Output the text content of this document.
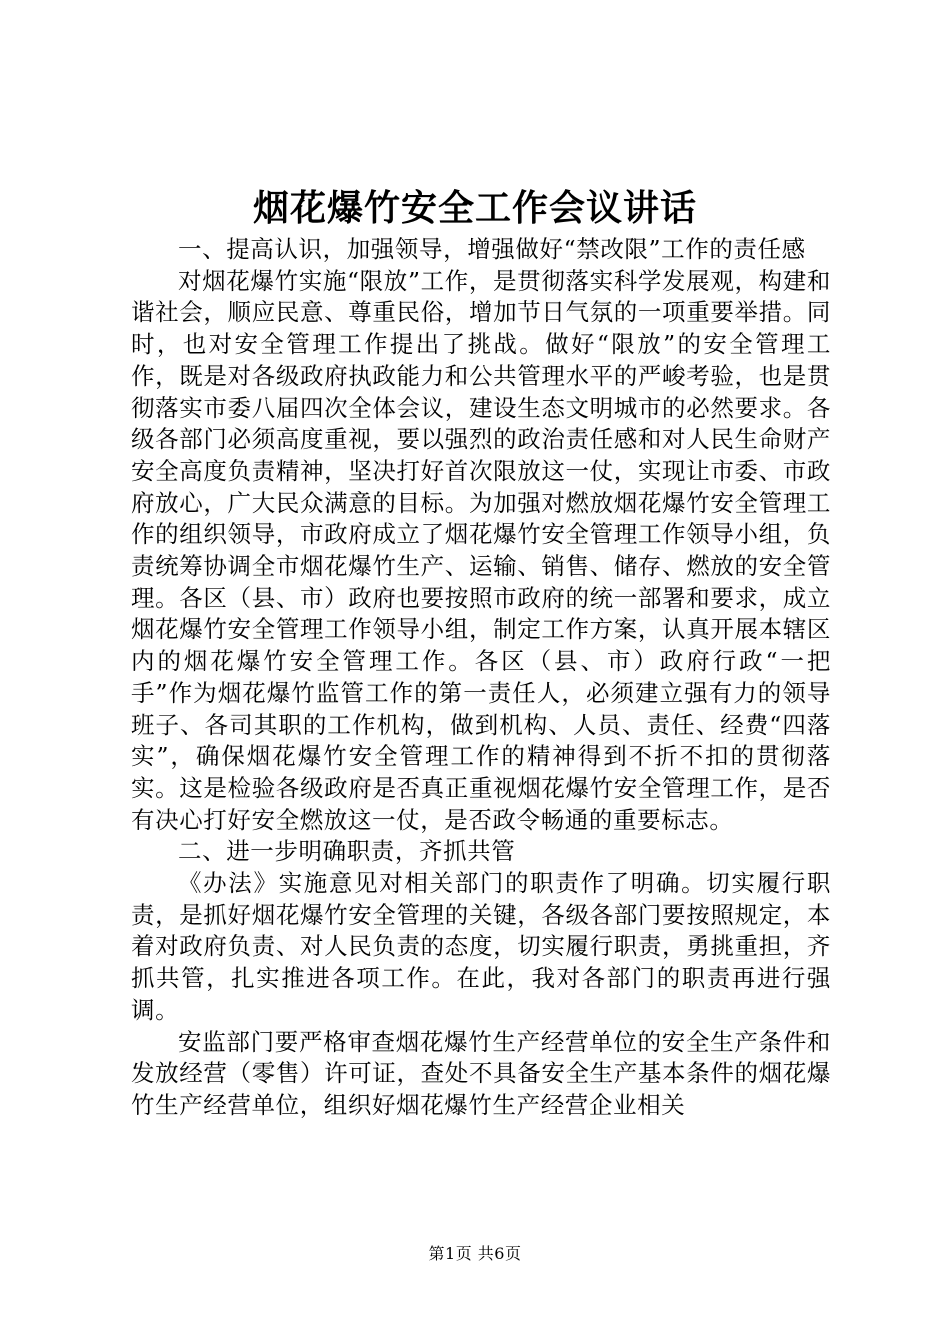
烟花爆竹安全工作会议讲话

一、提高认识，加强领导，增强做好“禁改限”工作的责任感

对烟花爆竹实施“限放”工作，是贯彻落实科学发展观，构建和谐社会，顺应民意、尊重民俗，增加节日气氛的一项重要举措。同时，也对安全管理工作提出了挑战。做好“限放”的安全管理工作，既是对各级政府执政能力和公共管理水平的严峻考验，也是贯彻落实市委八届四次全体会议，建设生态文明城市的必然要求。各级各部门必须高度重视，要以强烈的政治责任感和对人民生命财产安全高度负责精神，坚决打好首次限放这一仗，实现让市委、市政府放心，广大民众满意的目标。为加强对燃放烟花爆竹安全管理工作的组织领导，市政府成立了烟花爆竹安全管理工作领导小组，负责统筹协调全市烟花爆竹生产、运输、销售、储存、燃放的安全管理。各区（县、市）政府也要按照市政府的统一部署和要求，成立烟花爆竹安全管理工作领导小组，制定工作方案，认真开展本辖区内的烟花爆竹安全管理工作。各区（县、市）政府行政“一把手”作为烟花爆竹监管工作的第一责任人，必须建立强有力的领导班子、各司其职的工作机构，做到机构、人员、责任、经费“四落实”，确保烟花爆竹安全管理工作的精神得到不折不扣的贯彻落实。这是检验各级政府是否真正重视烟花爆竹安全管理工作，是否有决心打好安全燃放这一仗，是否政令畅通的重要标志。

二、进一步明确职责，齐抓共管

《办法》实施意见对相关部门的职责作了明确。切实履行职责，是抓好烟花爆竹安全管理的关键，各级各部门要按照规定，本着对政府负责、对人民负责的态度，切实履行职责，勇挑重担，齐抓共管，扎实推进各项工作。在此，我对各部门的职责再进行强调。

安监部门要严格审查烟花爆竹生产经营单位的安全生产条件和发放经营（零售）许可证，查处不具备安全生产基本条件的烟花爆竹生产经营单位，组织好烟花爆竹生产经营企业相关

第1页 共6页
